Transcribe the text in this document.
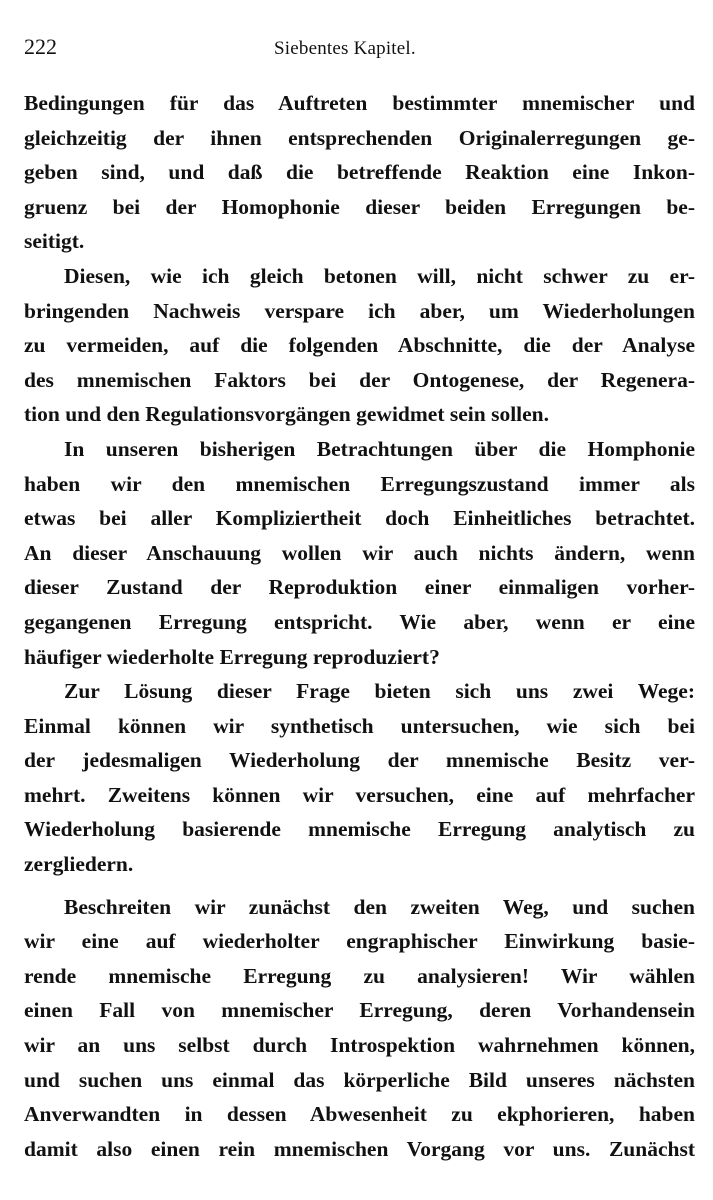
222	Siebentes Kapitel.

Bedingungen für das Auftreten bestimmter mnemischer und
gleichzeitig der ihnen entsprechenden Originalerregungen ge-
geben sind, und daß die betreffende Reaktion eine Inkon-
gruenz bei der Homophonie dieser beiden Erregungen be-
seitigt.

Diesen, wie ich gleich betonen will, nicht schwer zu er-
bringenden Nachweis verspare ich aber, um Wiederholungen
zu vermeiden, auf die folgenden Abschnitte, die der Analyse
des mnemischen Faktors bei der Ontogenese, der Regenera-
tion und den Regulationsvorgängen gewidmet sein sollen.

In unseren bisherigen Betrachtungen über die Homphonie
haben wir den mnemischen Erregungszustand immer als
etwas bei aller Kompliziertheit doch Einheitliches betrachtet.
An dieser Anschauung wollen wir auch nichts ändern, wenn
dieser Zustand der Reproduktion einer einmaligen vorher-
gegangenen Erregung entspricht. Wie aber, wenn er eine
häufiger wiederholte Erregung reproduziert?

Zur Lösung dieser Frage bieten sich uns zwei Wege:
Einmal können wir synthetisch untersuchen, wie sich bei
der jedesmaligen Wiederholung der mnemische Besitz ver-
mehrt. Zweitens können wir versuchen, eine auf mehrfacher
Wiederholung basierende mnemische Erregung analytisch zu
zergliedern.

Beschreiten wir zunächst den zweiten Weg, und suchen
wir eine auf wiederholter engraphischer Einwirkung basie-
rende mnemische Erregung zu analysieren! Wir wählen
einen Fall von mnemischer Erregung, deren Vorhandensein
wir an uns selbst durch Introspektion wahrnehmen können,
und suchen uns einmal das körperliche Bild unseres nächsten
Anverwandten in dessen Abwesenheit zu ekphorieren, haben
damit also einen rein mnemischen Vorgang vor uns. Zunächst
